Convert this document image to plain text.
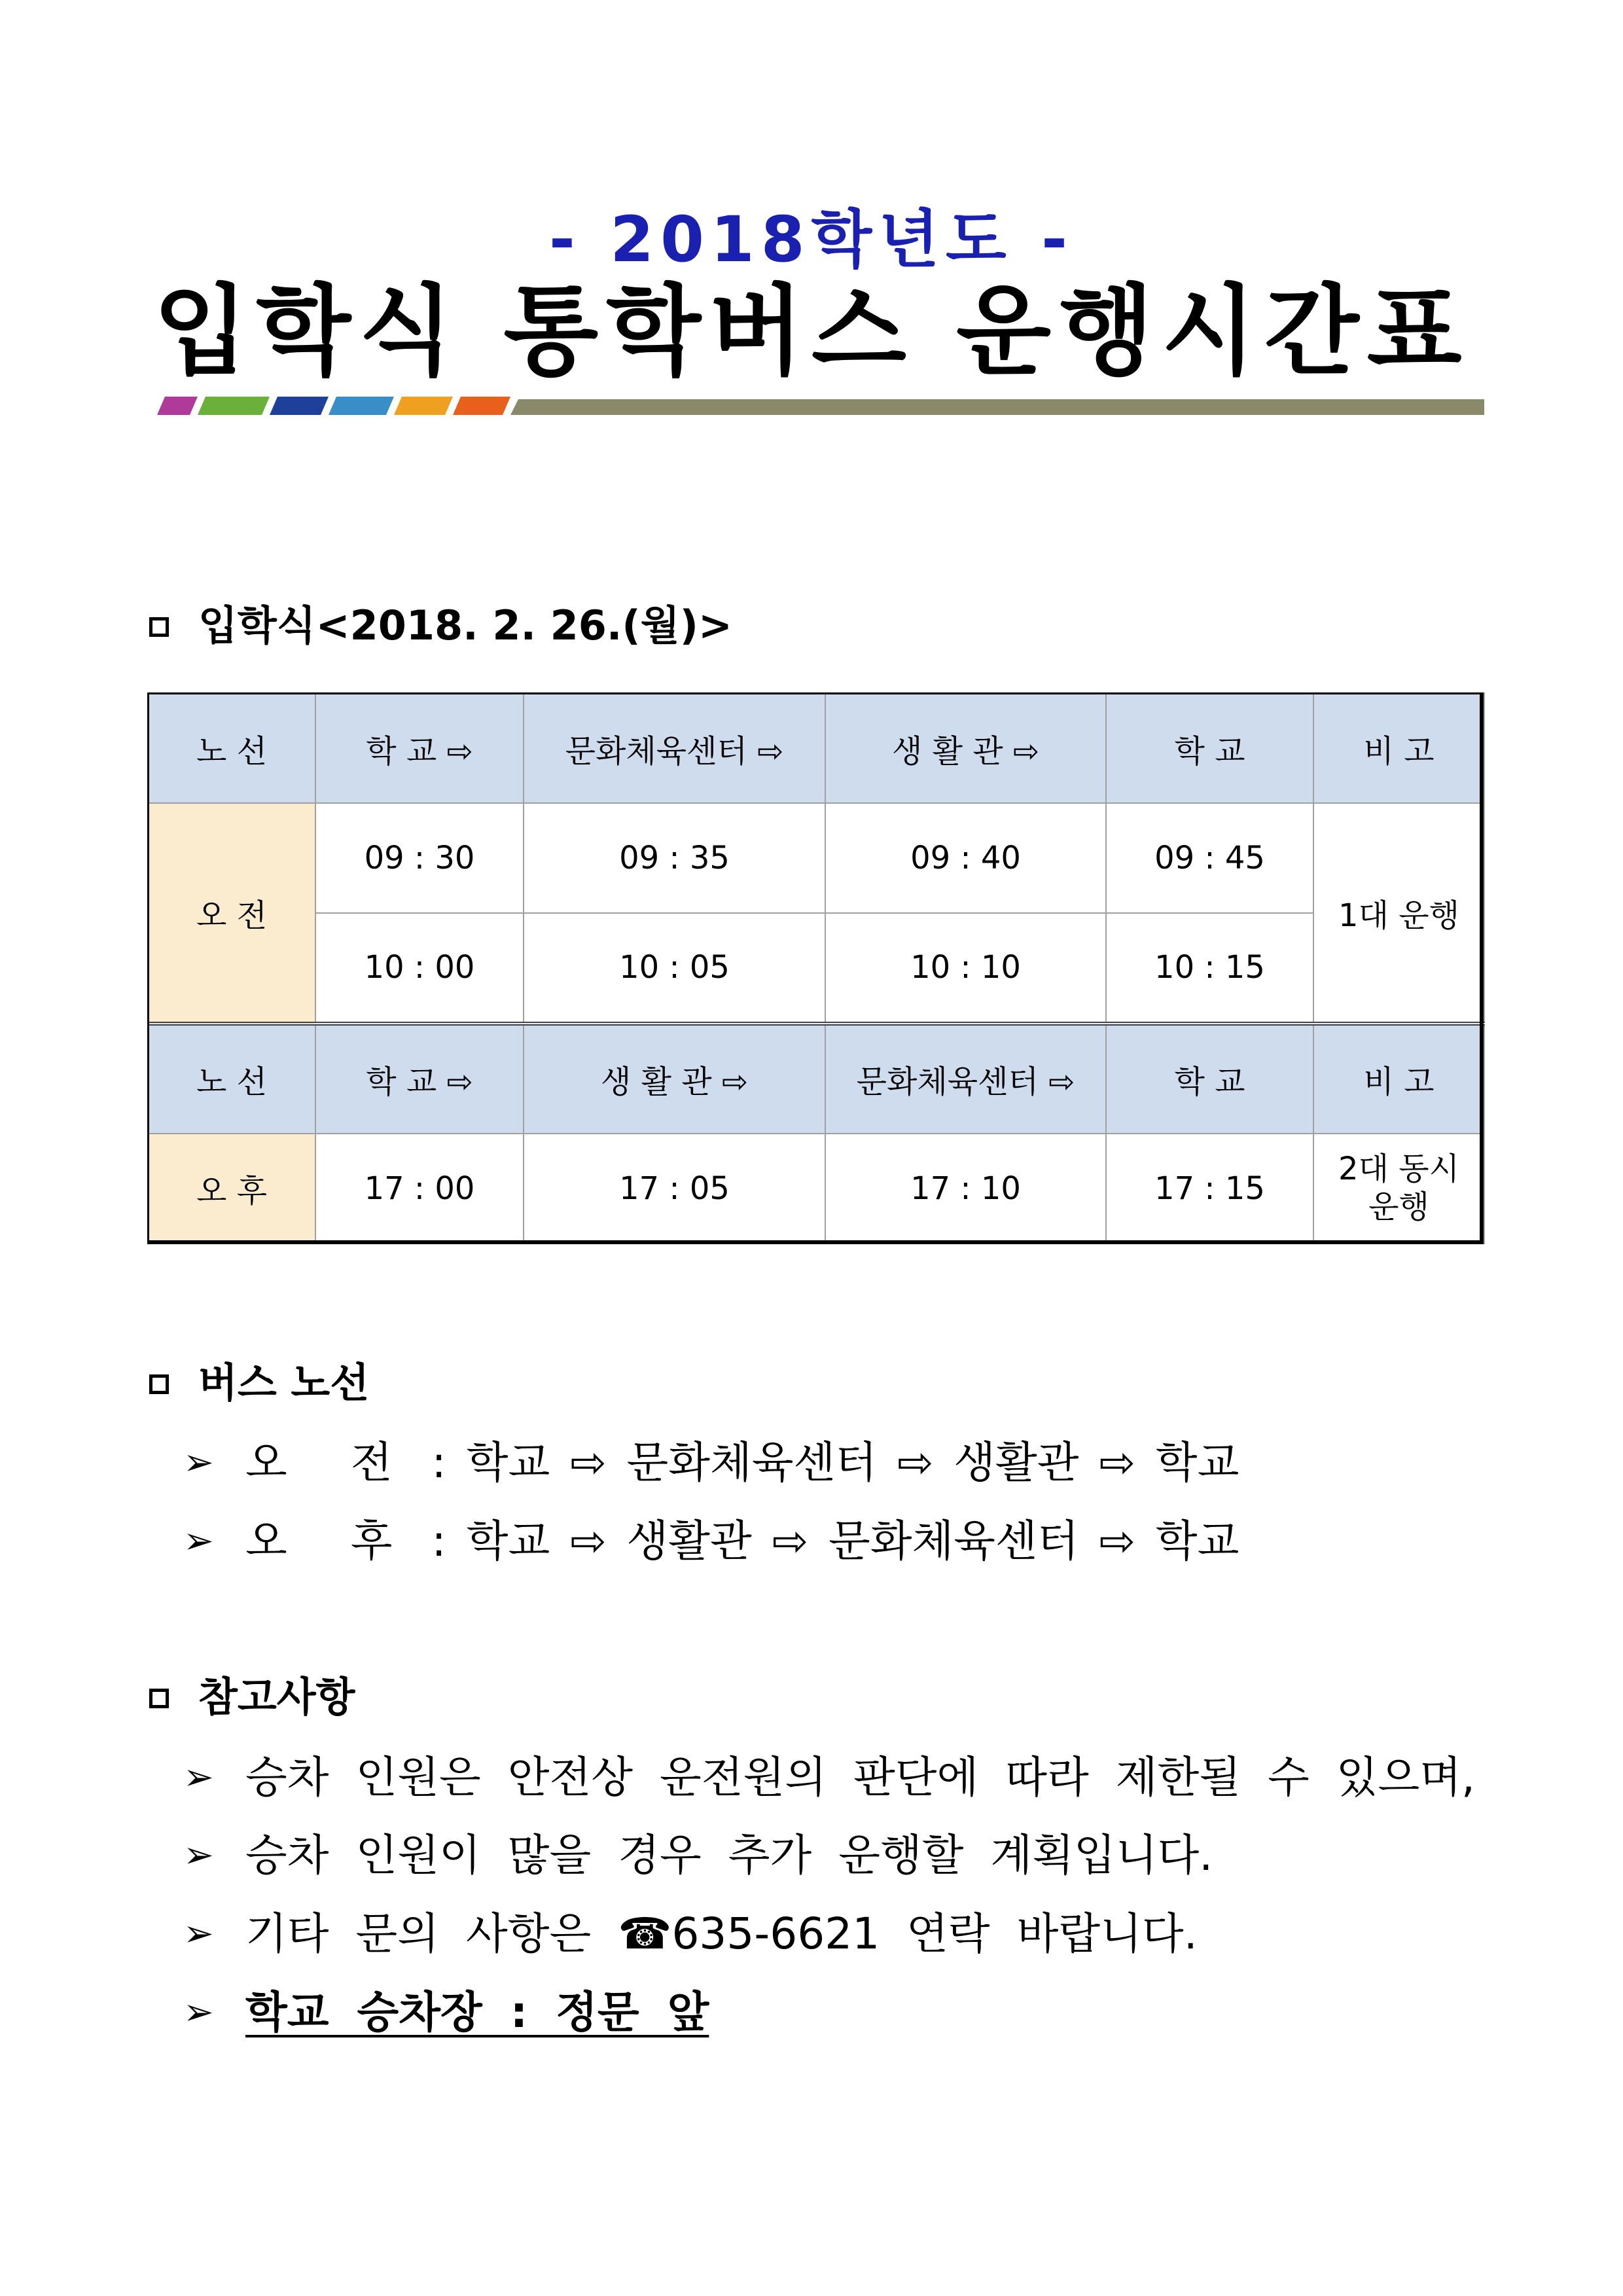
- 2018학년도 -
입학식 통학버스 운행시간표
입학식<2018. 2. 26.(월)>
노 선	학 교 ⇨	문화체육센터 ⇨	생 활 관 ⇨	학 교	비 고
오 전	09 : 30	09 : 35	09 : 40	09 : 45	1대 운행
	10 : 00	10 : 05	10 : 10	10 : 15	
노 선	학 교 ⇨	생 활 관 ⇨	문화체육센터 ⇨	학 교	비 고
오 후	17 : 00	17 : 05	17 : 10	17 : 15	2대 동시
운행
버스 노선
➢ 오 전 : 학교 ⇨ 문화체육센터 ⇨ 생활관 ⇨ 학교
➢ 오 후 : 학교 ⇨ 생활관 ⇨ 문화체육센터 ⇨ 학교
참고사항
➢ 승차 인원은 안전상 운전원의 판단에 따라 제한될 수 있으며,
➢ 승차 인원이 많을 경우 추가 운행할 계획입니다.
➢ 기타 문의 사항은 ☎635-6621 연락 바랍니다.
➢ 학교 승차장 : 정문 앞
